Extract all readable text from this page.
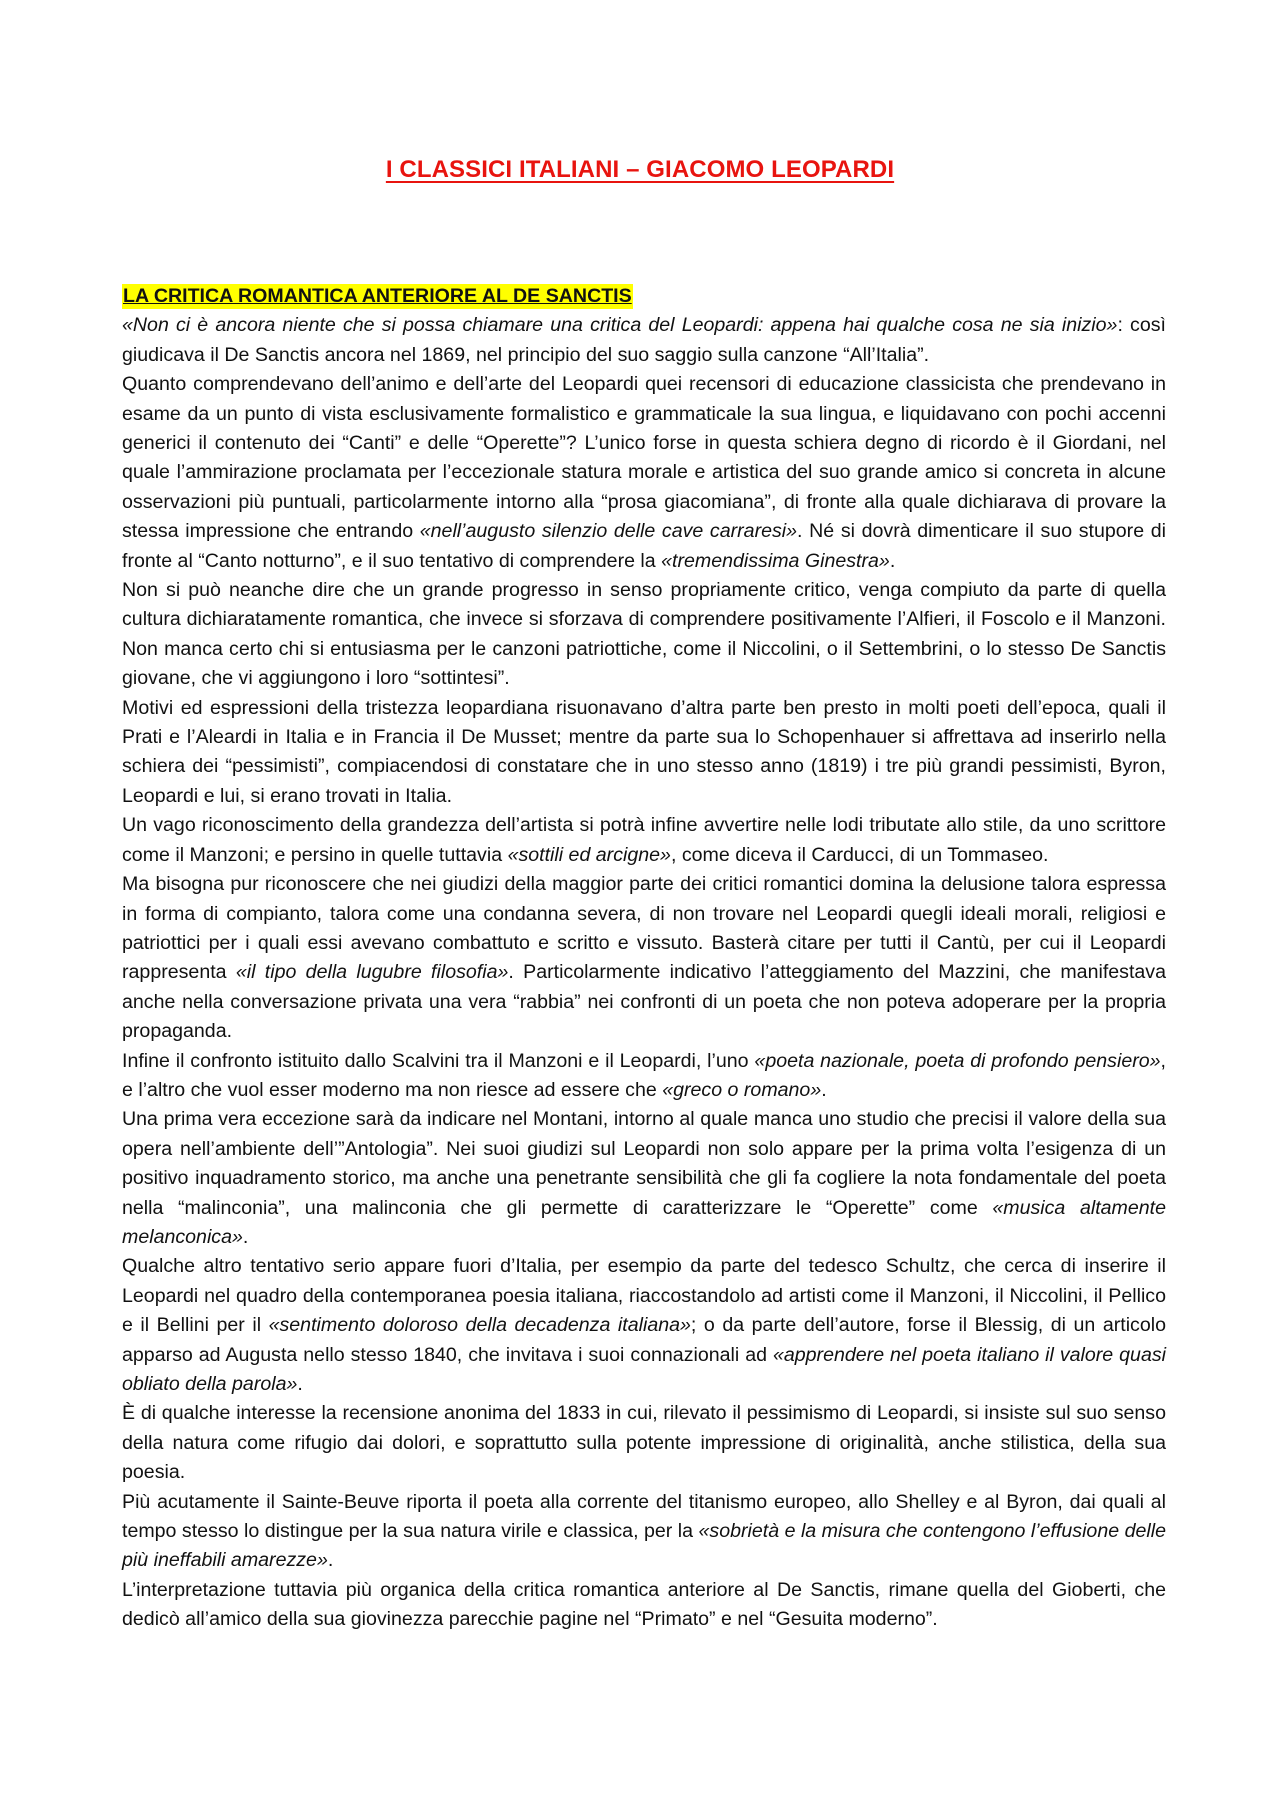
I CLASSICI ITALIANI – GIACOMO LEOPARDI
LA CRITICA ROMANTICA ANTERIORE AL DE SANCTIS

«Non ci è ancora niente che si possa chiamare una critica del Leopardi: appena hai qualche cosa ne sia inizio»: così giudicava il De Sanctis ancora nel 1869, nel principio del suo saggio sulla canzone “All’Italia”.

Quanto comprendevano dell’animo e dell’arte del Leopardi quei recensori di educazione classicista che prendevano in esame da un punto di vista esclusivamente formalistico e grammaticale la sua lingua, e liquidavano con pochi accenni generici il contenuto dei “Canti” e delle “Operette”? L’unico forse in questa schiera degno di ricordo è il Giordani, nel quale l’ammirazione proclamata per l’eccezionale statura morale e artistica del suo grande amico si concreta in alcune osservazioni più puntuali, particolarmente intorno alla “prosa giacomiana”, di fronte alla quale dichiarava di provare la stessa impressione che entrando «nell’augusto silenzio delle cave carraresi». Né si dovrà dimenticare il suo stupore di fronte al “Canto notturno”, e il suo tentativo di comprendere la «tremendissima Ginestra».

Non si può neanche dire che un grande progresso in senso propriamente critico, venga compiuto da parte di quella cultura dichiaratamente romantica, che invece si sforzava di comprendere positivamente l’Alfieri, il Foscolo e il Manzoni. Non manca certo chi si entusiasma per le canzoni patriottiche, come il Niccolini, o il Settembrini, o lo stesso De Sanctis giovane, che vi aggiungono i loro “sottintesi”.

Motivi ed espressioni della tristezza leopardiana risuonavano d’altra parte ben presto in molti poeti dell’epoca, quali il Prati e l’Aleardi in Italia e in Francia il De Musset; mentre da parte sua lo Schopenhauer si affrettava ad inserirlo nella schiera dei “pessimisti”, compiacendosi di constatare che in uno stesso anno (1819) i tre più grandi pessimisti, Byron, Leopardi e lui, si erano trovati in Italia.

Un vago riconoscimento della grandezza dell’artista si potrà infine avvertire nelle lodi tributate allo stile, da uno scrittore come il Manzoni; e persino in quelle tuttavia «sottili ed arcigne», come diceva il Carducci, di un Tommaseo.

Ma bisogna pur riconoscere che nei giudizi della maggior parte dei critici romantici domina la delusione talora espressa in forma di compianto, talora come una condanna severa, di non trovare nel Leopardi quegli ideali morali, religiosi e patriottici per i quali essi avevano combattuto e scritto e vissuto. Basterà citare per tutti il Cantù, per cui il Leopardi rappresenta «il tipo della lugubre filosofia». Particolarmente indicativo l’atteggiamento del Mazzini, che manifestava anche nella conversazione privata una vera “rabbia” nei confronti di un poeta che non poteva adoperare per la propria propaganda.

Infine il confronto istituito dallo Scalvini tra il Manzoni e il Leopardi, l’uno «poeta nazionale, poeta di profondo pensiero», e l’altro che vuol esser moderno ma non riesce ad essere che «greco o romano».

Una prima vera eccezione sarà da indicare nel Montani, intorno al quale manca uno studio che precisi il valore della sua opera nell’ambiente dell’”Antologia”. Nei suoi giudizi sul Leopardi non solo appare per la prima volta l’esigenza di un positivo inquadramento storico, ma anche una penetrante sensibilità che gli fa cogliere la nota fondamentale del poeta nella “malinconia”, una malinconia che gli permette di caratterizzare le “Operette” come «musica altamente melanconica».

Qualche altro tentativo serio appare fuori d’Italia, per esempio da parte del tedesco Schultz, che cerca di inserire il Leopardi nel quadro della contemporanea poesia italiana, riaccostandolo ad artisti come il Manzoni, il Niccolini, il Pellico e il Bellini per il «sentimento doloroso della decadenza italiana»; o da parte dell’autore, forse il Blessig, di un articolo apparso ad Augusta nello stesso 1840, che invitava i suoi connazionali ad «apprendere nel poeta italiano il valore quasi obliato della parola».

È di qualche interesse la recensione anonima del 1833 in cui, rilevato il pessimismo di Leopardi, si insiste sul suo senso della natura come rifugio dai dolori, e soprattutto sulla potente impressione di originalità, anche stilistica, della sua poesia.

Più acutamente il Sainte-Beuve riporta il poeta alla corrente del titanismo europeo, allo Shelley e al Byron, dai quali al tempo stesso lo distingue per la sua natura virile e classica, per la «sobrietà e la misura che contengono l’effusione delle più ineffabili amarezze».

L’interpretazione tuttavia più organica della critica romantica anteriore al De Sanctis, rimane quella del Gioberti, che dedicò all’amico della sua giovinezza parecchie pagine nel “Primato” e nel “Gesuita moderno”.
